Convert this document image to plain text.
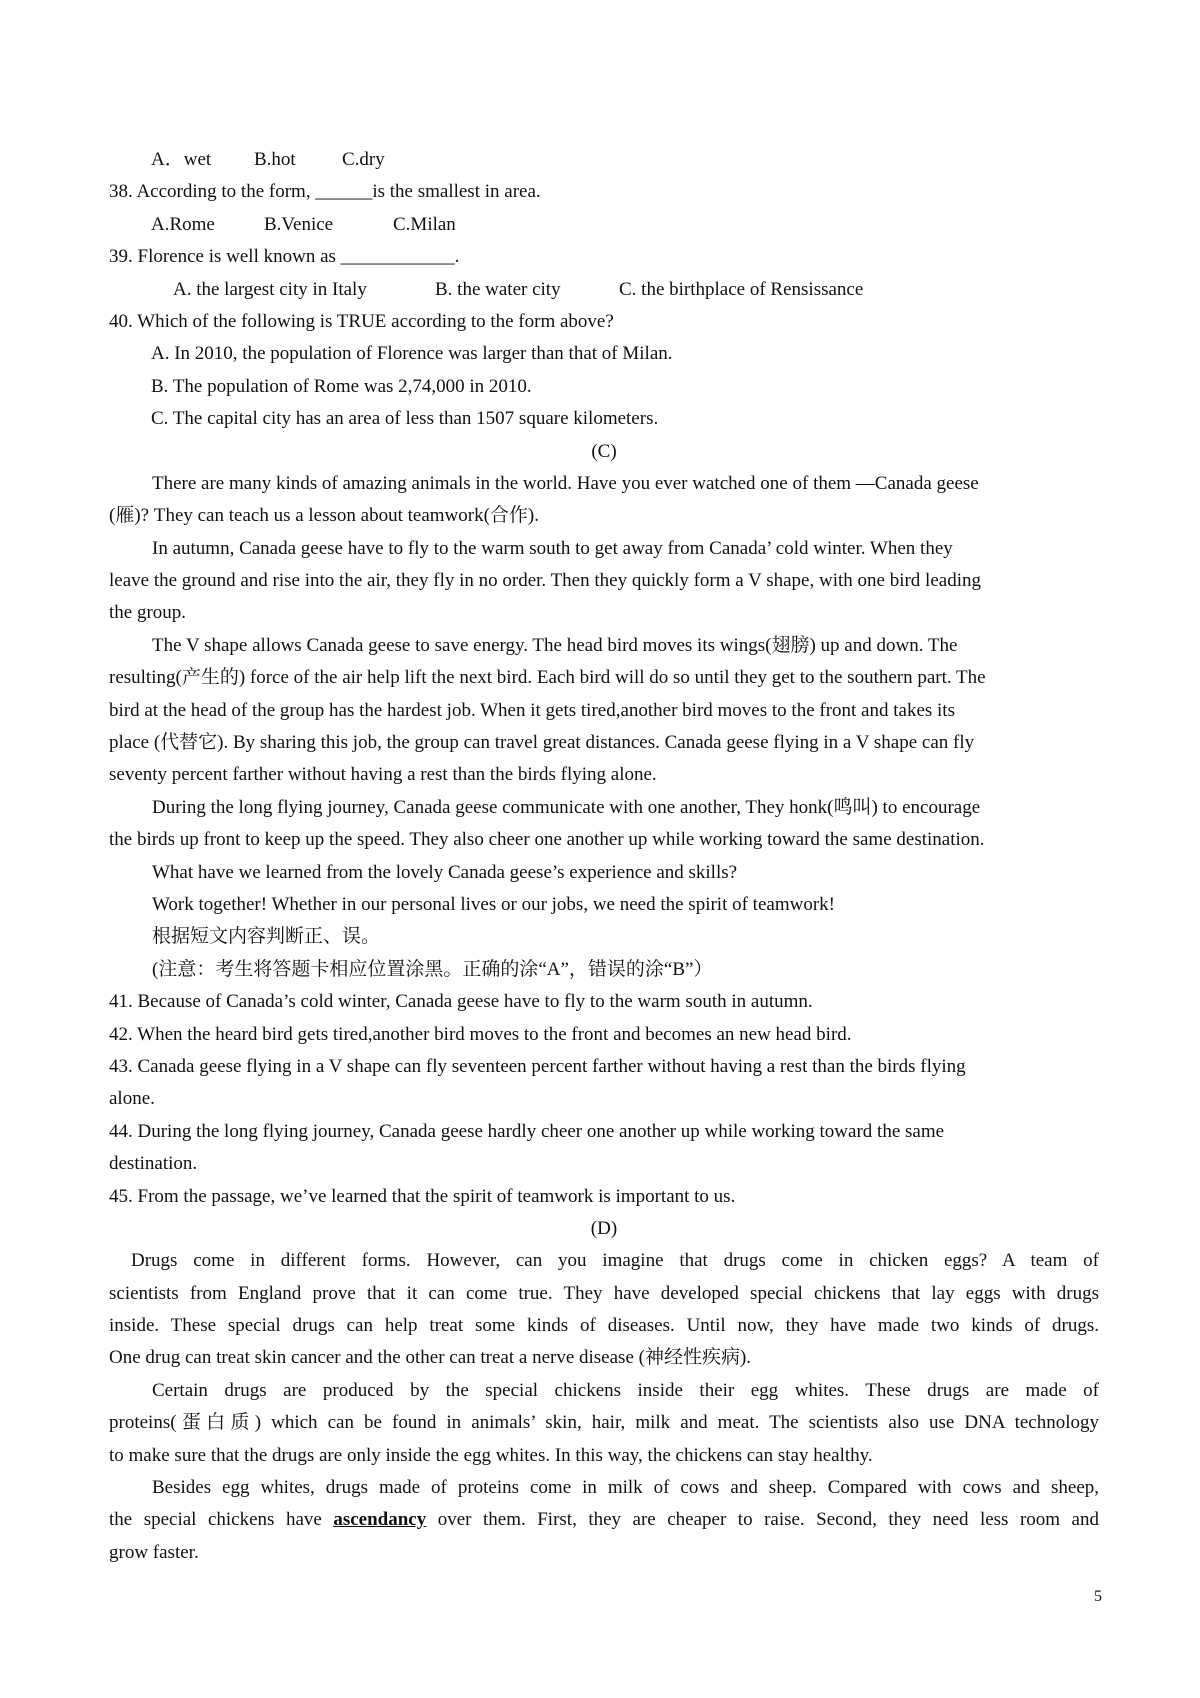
A．wet B.hot C.dry
38. According to the form, ______is the smallest in area.
A.Rome	B.Venice	C.Milan
39. Florence is well known as ____________.
A. the largest city in Italy	B. the water city	C. the birthplace of Rensissance
40. Which of the following is TRUE according to the form above?
A. In 2010, the population of Florence was larger than that of Milan.
B. The population of Rome was 2,74,000 in 2010.
C. The capital city has an area of less than 1507 square kilometers.
(C)
There are many kinds of amazing animals in the world. Have you ever watched one of them —Canada geese
(雁)? They can teach us a lesson about teamwork(合作).
In autumn, Canada geese have to fly to the warm south to get away from Canada’ cold winter. When they
leave the ground and rise into the air, they fly in no order. Then they quickly form a V shape, with one bird leading
the group.
The V shape allows Canada geese to save energy. The head bird moves its wings(翅膀) up and down. The
resulting(产生的) force of the air help lift the next bird. Each bird will do so until they get to the southern part. The
bird at the head of the group has the hardest job. When it gets tired,another bird moves to the front and takes its
place (代替它). By sharing this job, the group can travel great distances. Canada geese flying in a V shape can fly
seventy percent farther without having a rest than the birds flying alone.
During the long flying journey, Canada geese communicate with one another, They honk(鸣叫) to encourage
the birds up front to keep up the speed. They also cheer one another up while working toward the same destination.
What have we learned from the lovely Canada geese’s experience and skills?
Work together! Whether in our personal lives or our jobs, we need the spirit of teamwork!
根据短文内容判断正、误。
(注意：考生将答题卡相应位置涂黑。正确的涂“A”，错误的涂“B”）
41. Because of Canada’s cold winter, Canada geese have to fly to the warm south in autumn.
42. When the heard bird gets tired,another bird moves to the front and becomes an new head bird.
43. Canada geese flying in a V shape can fly seventeen percent farther without having a rest than the birds flying
alone.
44. During the long flying journey, Canada geese hardly cheer one another up while working toward the same
destination.
45. From the passage, we’ve learned that the spirit of teamwork is important to us.
(D)
Drugs come in different forms. However, can you imagine that drugs come in chicken eggs? A team of
scientists from England prove that it can come true. They have developed special chickens that lay eggs with drugs
inside. These special drugs can help treat some kinds of diseases. Until now, they have made two kinds of drugs.
One drug can treat skin cancer and the other can treat a nerve disease (神经性疾病).
Certain drugs are produced by the special chickens inside their egg whites. These drugs are made of
proteins(蛋白质) which can be found in animals’ skin, hair, milk and meat. The scientists also use DNA technology
to make sure that the drugs are only inside the egg whites. In this way, the chickens can stay healthy.
Besides egg whites, drugs made of proteins come in milk of cows and sheep. Compared with cows and sheep,
the special chickens have ascendancy over them. First, they are cheaper to raise. Second, they need less room and
grow faster.
5
